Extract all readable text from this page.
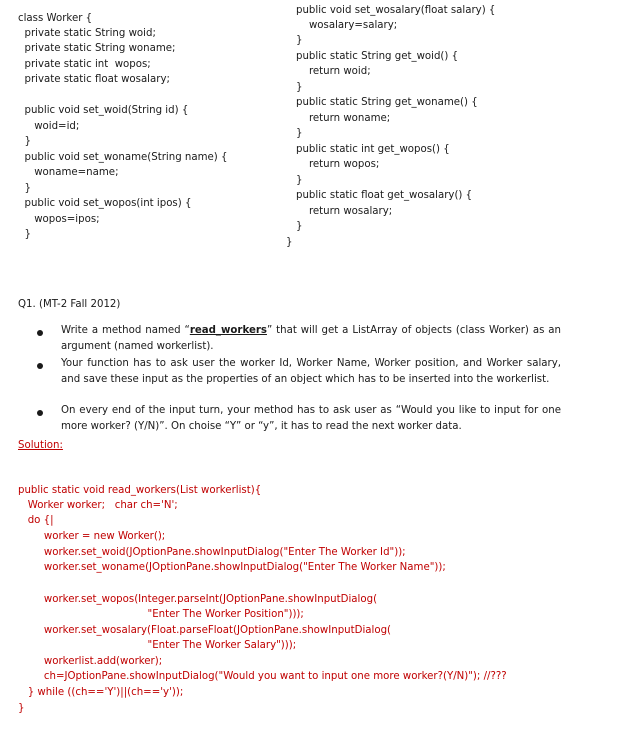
class Worker {
private static String woid;
private static String woname;
private static int  wopos;
private static float wosalary;
public void set_woid(String id) {
woid=id;
}
public void set_woname(String name) {
woname=name;
}
public void set_wopos(int ipos) {
wopos=ipos;
}
public void set_wosalary(float salary) {
wosalary=salary;
}
public static String get_woid() {
return woid;
}
public static String get_woname() {
return woname;
}
public static int get_wopos() {
return wopos;
}
public static float get_wosalary() {
return wosalary;
}
}
Q1. (MT-2 Fall 2012)
Write a method named “read_workers” that will get a ListArray of objects (class Worker) as an argument (named workerlist).
Your function has to ask user the worker Id, Worker Name, Worker position, and Worker salary, and save these input as the properties of an object which has to be inserted into the workerlist.
On every end of the input turn, your method has to ask user as “Would you like to input for one more worker? (Y/N)”. On choise “Y” or “y”, it has to read the next worker data.
Solution:
public static void read_workers(List workerlist){
Worker worker;   char ch='N';
do {|
worker = new Worker();
worker.set_woid(JOptionPane.showInputDialog("Enter The Worker Id"));
worker.set_woname(JOptionPane.showInputDialog("Enter The Worker Name"));
worker.set_wopos(Integer.parseInt(JOptionPane.showInputDialog(
"Enter The Worker Position")));
worker.set_wosalary(Float.parseFloat(JOptionPane.showInputDialog(
"Enter The Worker Salary")));
workerlist.add(worker);
ch=JOptionPane.showInputDialog("Would you want to input one more worker?(Y/N)"); //???
} while ((ch=='Y')||(ch=='y'));
}
